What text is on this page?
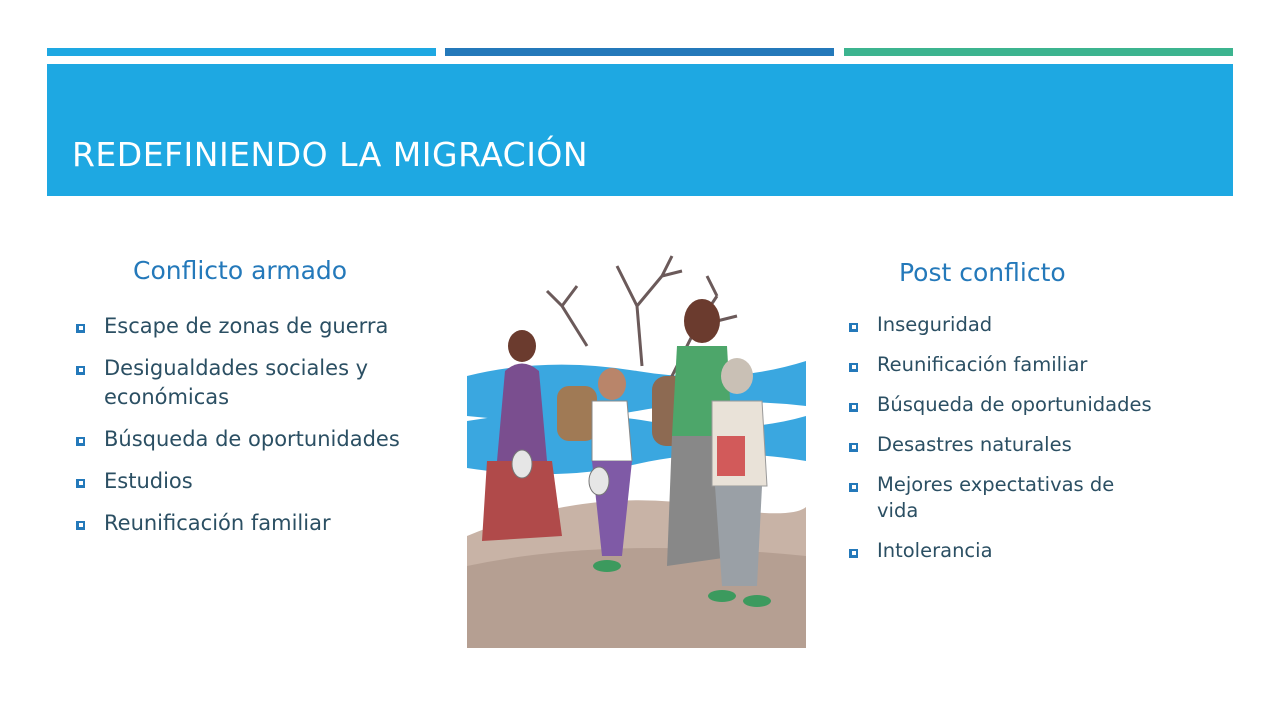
REDEFINIENDO LA MIGRACIÓN
Conflicto armado
Escape de zonas de guerra
Desigualdades sociales y económicas
Búsqueda de oportunidades
Estudios
Reunificación familiar
Post conflicto
Inseguridad
Reunificación familiar
Búsqueda de oportunidades
Desastres naturales
Mejores expectativas de vida
Intolerancia
